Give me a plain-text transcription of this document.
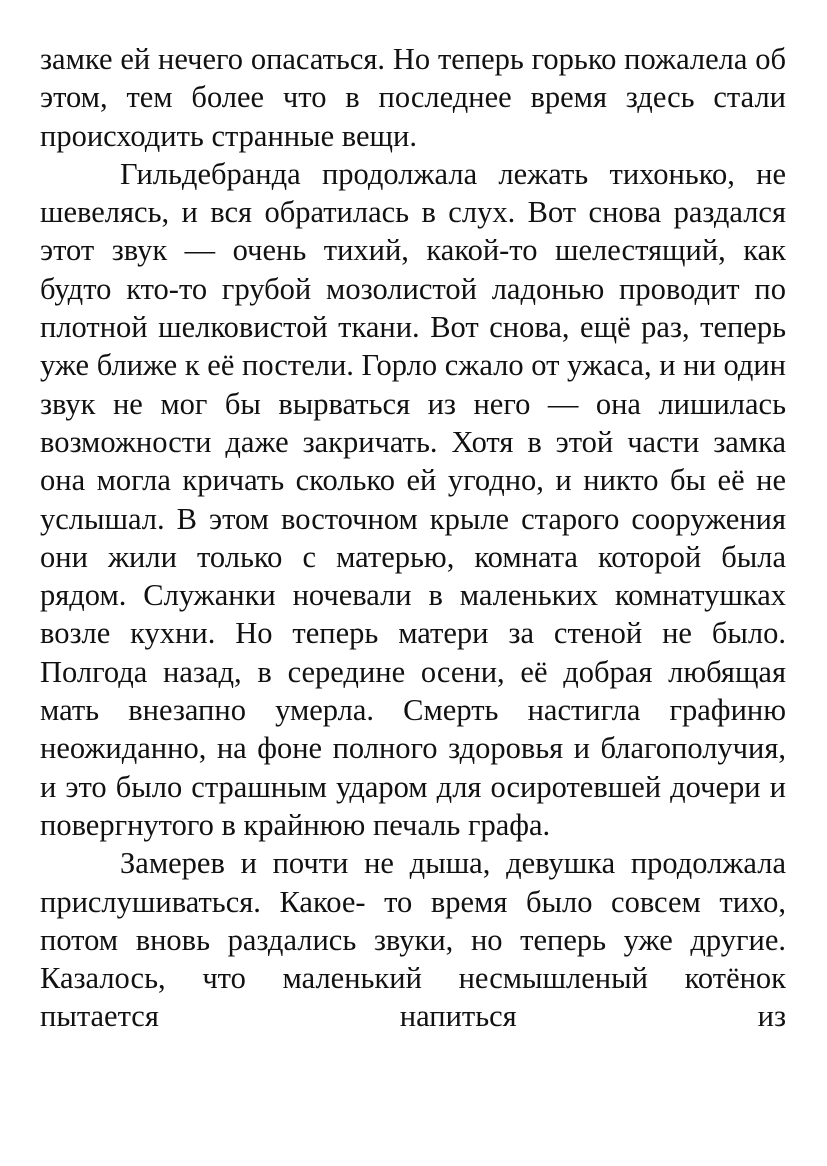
замке ей нечего опасаться. Но теперь горько пожалела об этом, тем более что в последнее время здесь стали происходить странные вещи.

Гильдебранда продолжала лежать тихонько, не шевелясь, и вся обратилась в слух. Вот снова раздался этот звук — очень тихий, какой-то шелестящий, как будто кто-то грубой мозолистой ладонью проводит по плотной шелковистой ткани. Вот снова, ещё раз, теперь уже ближе к её постели. Горло сжало от ужаса, и ни один звук не мог бы вырваться из него — она лишилась возможности даже закричать. Хотя в этой части замка она могла кричать сколько ей угодно, и никто бы её не услышал. В этом восточном крыле старого сооружения они жили только с матерью, комната которой была рядом. Служанки ночевали в маленьких комнатушках возле кухни. Но теперь матери за стеной не было. Полгода назад, в середине осени, её добрая любящая мать внезапно умерла. Смерть настигла графиню неожиданно, на фоне полного здоровья и благополучия, и это было страшным ударом для осиротевшей дочери и повергнутого в крайнюю печаль графа.

Замерев и почти не дыша, девушка продолжала прислушиваться. Какое- то время было совсем тихо, потом вновь раздались звуки, но теперь уже другие. Казалось, что маленький несмышленый котёнок пытается напиться из
